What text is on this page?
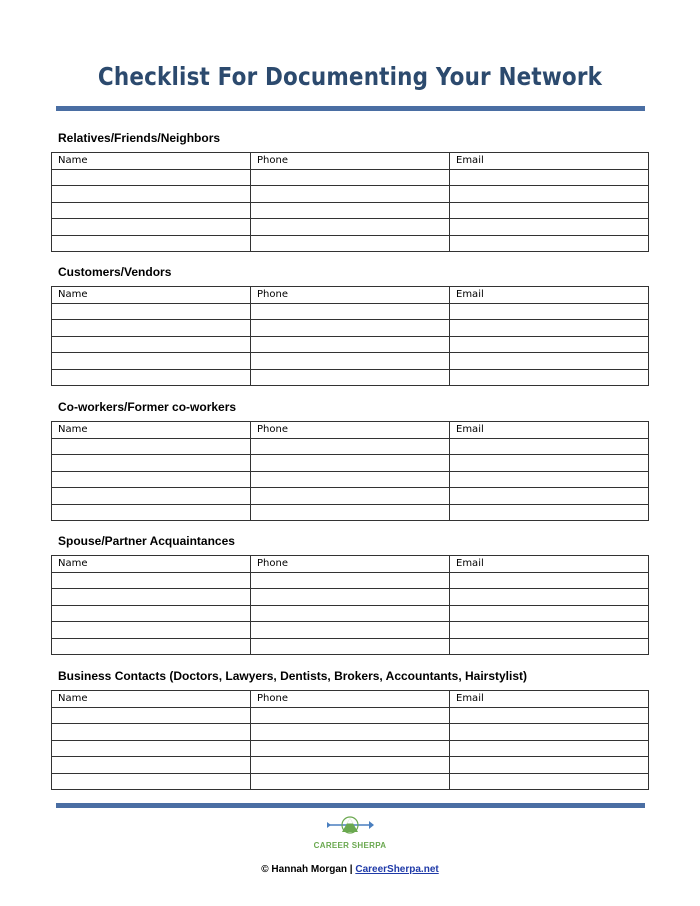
Checklist For Documenting Your Network
Relatives/Friends/Neighbors
Name	Phone	Email

Customers/Vendors
Name	Phone	Email

Co-workers/Former co-workers
Name	Phone	Email

Spouse/Partner Acquaintances
Name	Phone	Email

Business Contacts (Doctors, Lawyers, Dentists, Brokers, Accountants, Hairstylist)
Name	Phone	Email

CAREER SHERPA
© Hannah Morgan | CareerSherpa.net
